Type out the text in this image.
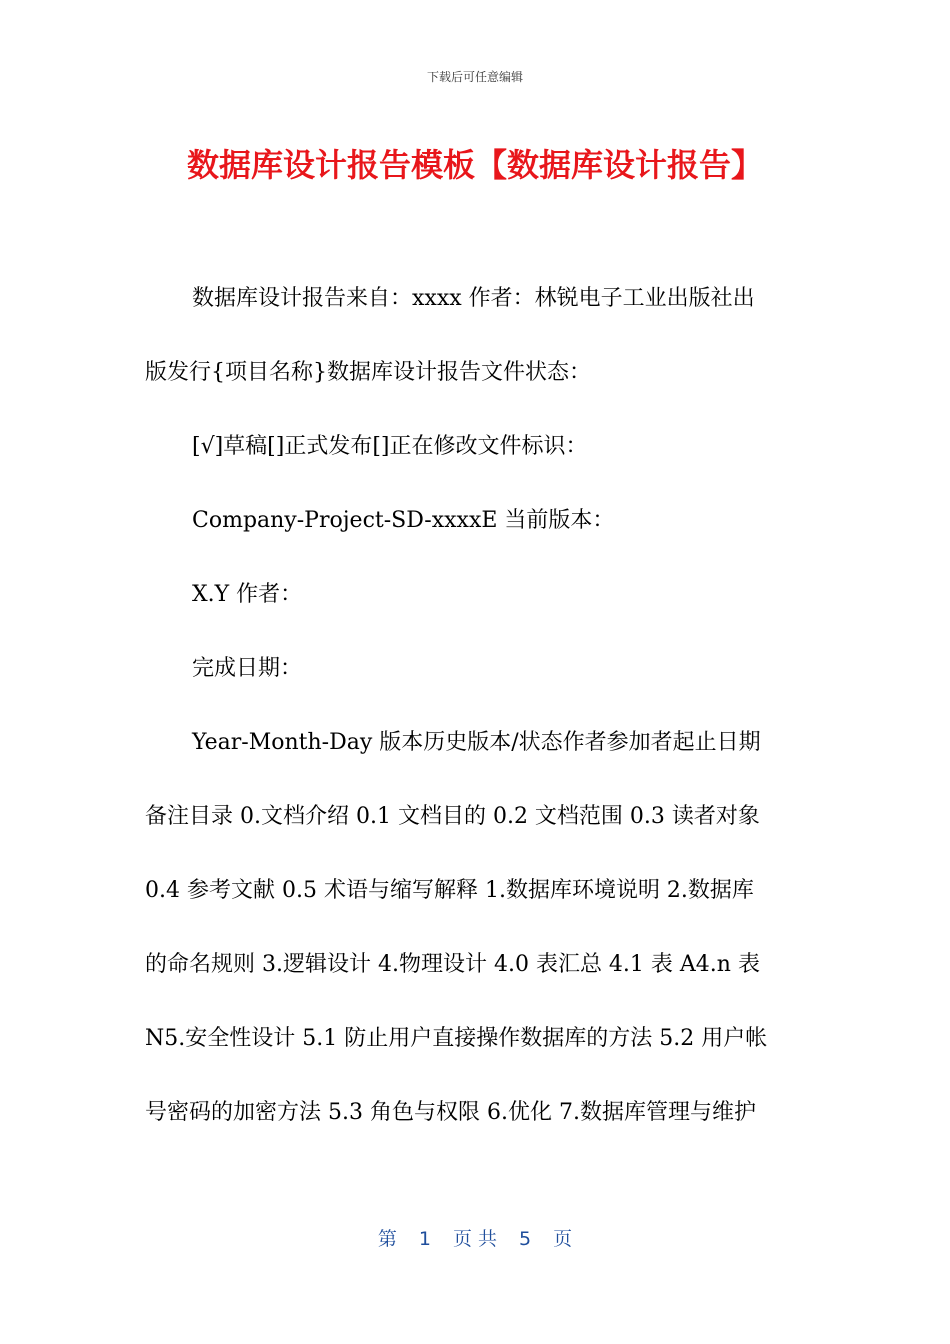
下载后可任意编辑
数据库设计报告模板【数据库设计报告】

数据库设计报告来自：xxxx 作者：林锐电子工业出版社出

版发行{项目名称}数据库设计报告文件状态：

[√]草稿[]正式发布[]正在修改文件标识：

Company-Project-SD-xxxxE 当前版本：

X.Y 作者：

完成日期：

Year-Month-Day 版本历史版本/状态作者参加者起止日期

备注目录 0.文档介绍 0.1 文档目的 0.2 文档范围 0.3 读者对象

0.4 参考文献 0.5 术语与缩写解释 1.数据库环境说明 2.数据库

的命名规则 3.逻辑设计 4.物理设计 4.0 表汇总 4.1 表 A4.n 表

N5.安全性设计 5.1 防止用户直接操作数据库的方法 5.2 用户帐

号密码的加密方法 5.3 角色与权限 6.优化 7.数据库管理与维护

第 1 页 共 5 页
